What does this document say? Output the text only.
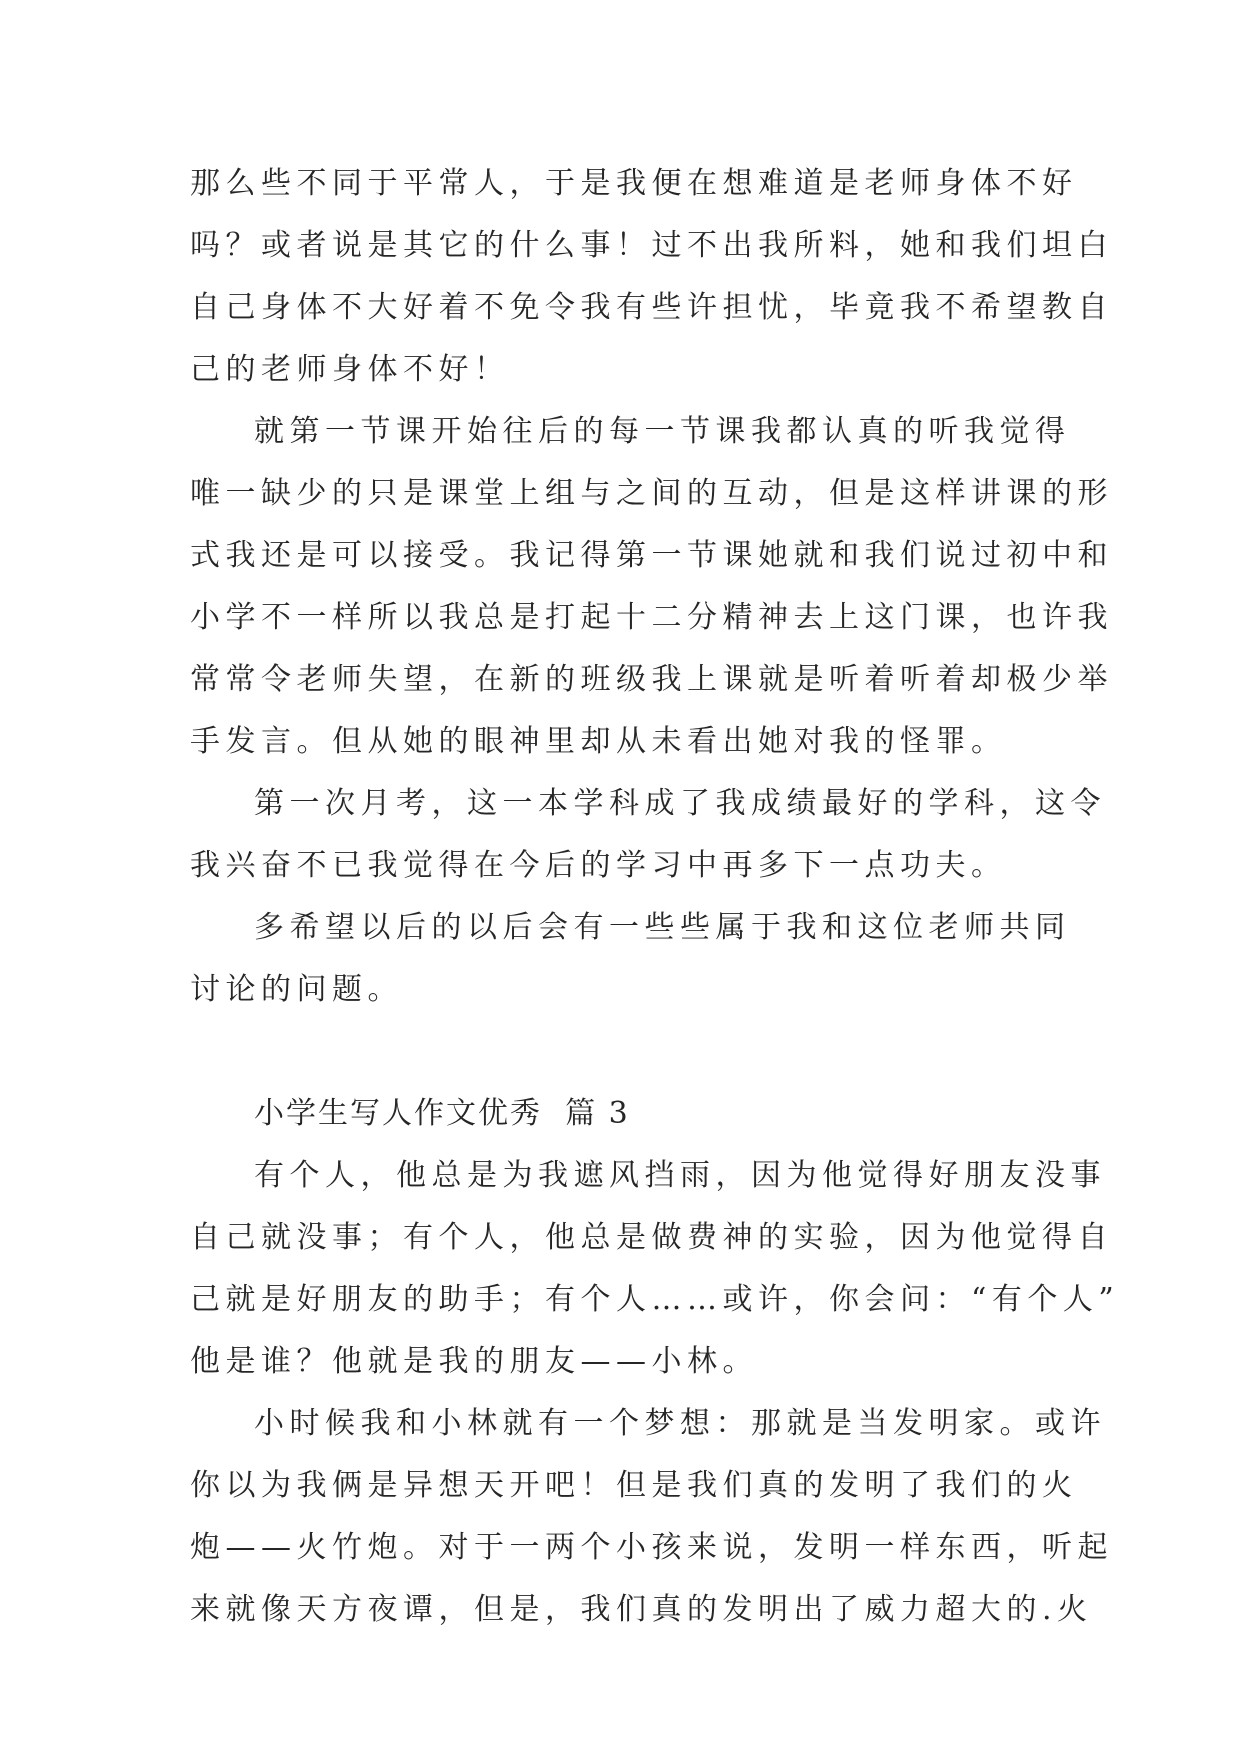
那么些不同于平常人，于是我便在想难道是老师身体不好
吗？或者说是其它的什么事！过不出我所料，她和我们坦白
自己身体不大好着不免令我有些许担忧，毕竟我不希望教自
己的老师身体不好！
就第一节课开始往后的每一节课我都认真的听我觉得
唯一缺少的只是课堂上组与之间的互动，但是这样讲课的形
式我还是可以接受。我记得第一节课她就和我们说过初中和
小学不一样所以我总是打起十二分精神去上这门课，也许我
常常令老师失望，在新的班级我上课就是听着听着却极少举
手发言。但从她的眼神里却从未看出她对我的怪罪。
第一次月考，这一本学科成了我成绩最好的学科，这令
我兴奋不已我觉得在今后的学习中再多下一点功夫。
多希望以后的以后会有一些些属于我和这位老师共同
讨论的问题。
小学生写人作文优秀  篇 3
有个人，他总是为我遮风挡雨，因为他觉得好朋友没事
自己就没事；有个人，他总是做费神的实验，因为他觉得自
己就是好朋友的助手；有个人……或许，你会问：“有个人”
他是谁？他就是我的朋友——小林。
小时候我和小林就有一个梦想：那就是当发明家。或许
你以为我俩是异想天开吧！但是我们真的发明了我们的火
炮——火竹炮。对于一两个小孩来说，发明一样东西，听起
来就像天方夜谭，但是，我们真的发明出了威力超大的.火
